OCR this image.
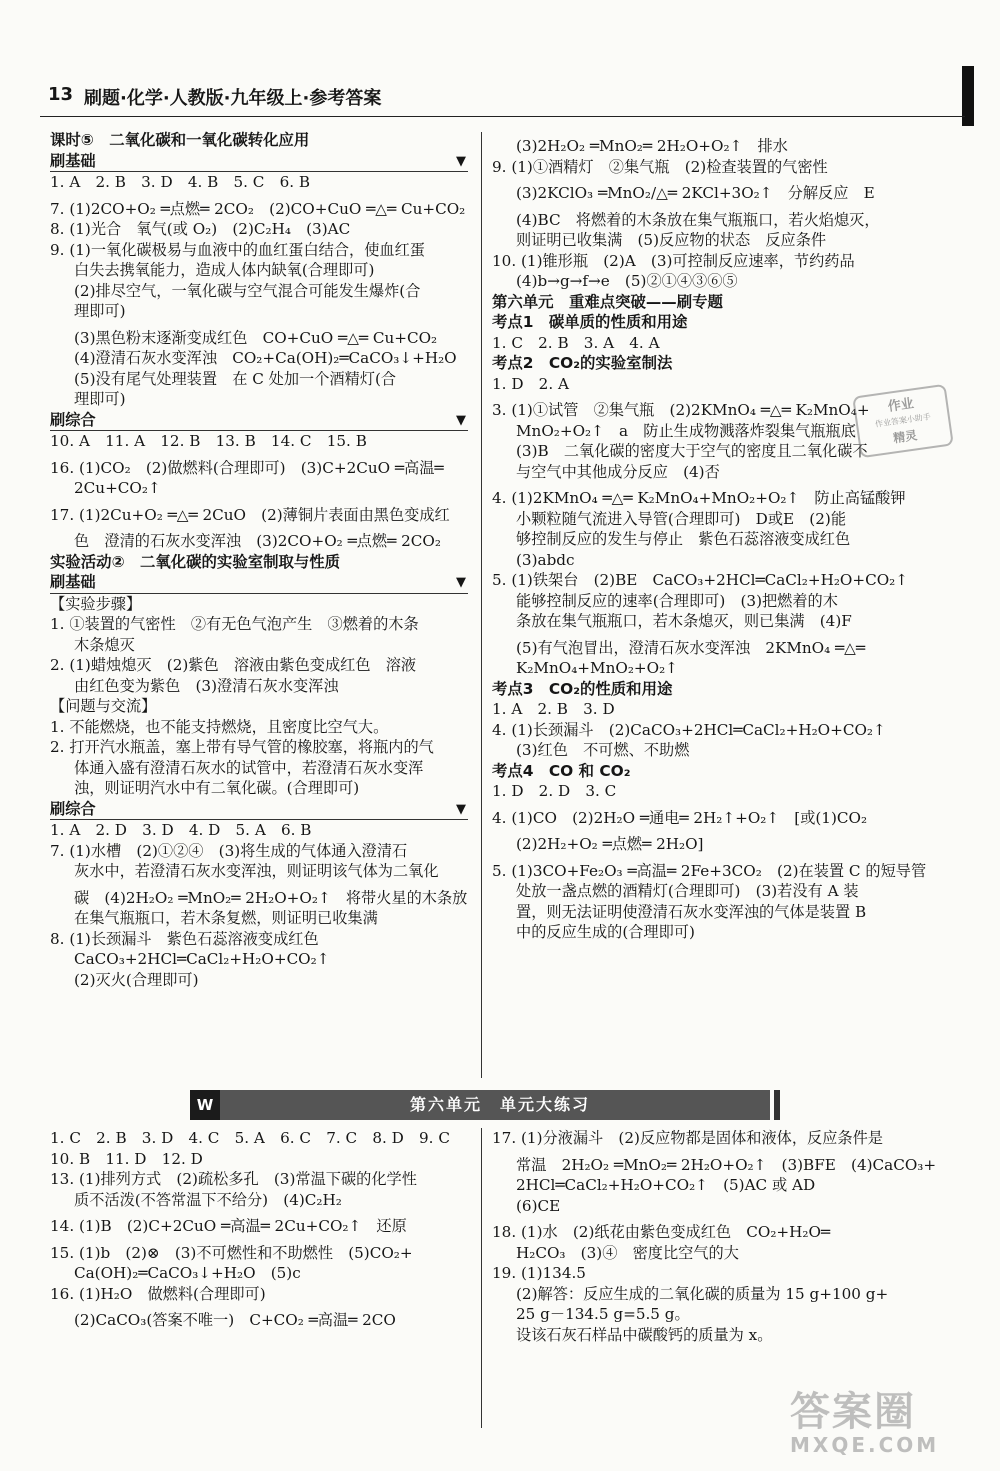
13 刷题·化学·人教版·九年级上·参考答案
课时⑤　二氧化碳和一氧化碳转化应用
刷基础	▼
1. A　2. B　3. D　4. B　5. C　6. B
7. (1)2CO+O₂ ═点燃═ 2CO₂　(2)CO+CuO ═△═ Cu+CO₂
8. (1)光合　氧气(或 O₂)　(2)C₂H₄　(3)AC
9. (1)一氧化碳极易与血液中的血红蛋白结合，使血红蛋
白失去携氧能力，造成人体内缺氧(合理即可)
(2)排尽空气，一氧化碳与空气混合可能发生爆炸(合
理即可)
(3)黑色粉末逐渐变成红色　CO+CuO ═△═ Cu+CO₂
(4)澄清石灰水变浑浊　CO₂+Ca(OH)₂═CaCO₃↓+H₂O
(5)没有尾气处理装置　在 C 处加一个酒精灯(合
理即可)
刷综合	▼
10. A　11. A　12. B　13. B　14. C　15. B
16. (1)CO₂　(2)做燃料(合理即可)　(3)C+2CuO ═高温═
2Cu+CO₂↑
17. (1)2Cu+O₂ ═△═ 2CuO　(2)薄铜片表面由黑色变成红
色　澄清的石灰水变浑浊　(3)2CO+O₂ ═点燃═ 2CO₂
实验活动②　二氧化碳的实验室制取与性质
刷基础	▼
【实验步骤】
1. ①装置的气密性　②有无色气泡产生　③燃着的木条
木条熄灭
2. (1)蜡烛熄灭　(2)紫色　溶液由紫色变成红色　溶液
由红色变为紫色　(3)澄清石灰水变浑浊
【问题与交流】
1. 不能燃烧，也不能支持燃烧，且密度比空气大。
2. 打开汽水瓶盖，塞上带有导气管的橡胶塞，将瓶内的气
体通入盛有澄清石灰水的试管中，若澄清石灰水变浑
浊，则证明汽水中有二氧化碳。(合理即可)
刷综合	▼
1. A　2. D　3. D　4. D　5. A　6. B
7. (1)水槽　(2)①②④　(3)将生成的气体通入澄清石
灰水中，若澄清石灰水变浑浊，则证明该气体为二氧化
碳　(4)2H₂O₂ ═MnO₂═ 2H₂O+O₂↑　将带火星的木条放
在集气瓶瓶口，若木条复燃，则证明已收集满
8. (1)长颈漏斗　紫色石蕊溶液变成红色
CaCO₃+2HCl═CaCl₂+H₂O+CO₂↑
(2)灭火(合理即可)
(3)2H₂O₂ ═MnO₂═ 2H₂O+O₂↑　排水
9. (1)①酒精灯　②集气瓶　(2)检查装置的气密性
(3)2KClO₃ ═MnO₂/△═ 2KCl+3O₂↑　分解反应　E
(4)BC　将燃着的木条放在集气瓶瓶口，若火焰熄灭，
则证明已收集满　(5)反应物的状态　反应条件
10. (1)锥形瓶　(2)A　(3)可控制反应速率，节约药品
(4)b→g→f→e　(5)②①④③⑥⑤
第六单元　重难点突破——刷专题
考点1　碳单质的性质和用途
1. C　2. B　3. A　4. A
考点2　CO₂的实验室制法
1. D　2. A
3. (1)①试管　②集气瓶　(2)2KMnO₄ ═△═ K₂MnO₄+
MnO₂+O₂↑　a　防止生成物溅落炸裂集气瓶瓶底
(3)B　二氧化碳的密度大于空气的密度且二氧化碳不
与空气中其他成分反应　(4)否
4. (1)2KMnO₄ ═△═ K₂MnO₄+MnO₂+O₂↑　防止高锰酸钾
小颗粒随气流进入导管(合理即可)　D或E　(2)能
够控制反应的发生与停止　紫色石蕊溶液变成红色
(3)abdc
5. (1)铁架台　(2)BE　CaCO₃+2HCl═CaCl₂+H₂O+CO₂↑
能够控制反应的速率(合理即可)　(3)把燃着的木
条放在集气瓶瓶口，若木条熄灭，则已集满　(4)F
(5)有气泡冒出，澄清石灰水变浑浊　2KMnO₄ ═△═
K₂MnO₄+MnO₂+O₂↑
考点3　CO₂的性质和用途
1. A　2. B　3. D
4. (1)长颈漏斗　(2)CaCO₃+2HCl═CaCl₂+H₂O+CO₂↑
(3)红色　不可燃、不助燃
考点4　CO 和 CO₂
1. D　2. D　3. C
4. (1)CO　(2)2H₂O ═通电═ 2H₂↑+O₂↑　[或(1)CO₂
(2)2H₂+O₂ ═点燃═ 2H₂O]
5. (1)3CO+Fe₂O₃ ═高温═ 2Fe+3CO₂　(2)在装置 C 的短导管
处放一盏点燃的酒精灯(合理即可)　(3)若没有 A 装
置，则无法证明使澄清石灰水变浑浊的气体是装置 B
中的反应生成的(合理即可)
W	第六单元　单元大练习
1. C　2. B　3. D　4. C　5. A　6. C　7. C　8. D　9. C
10. B　11. D　12. D
13. (1)排列方式　(2)疏松多孔　(3)常温下碳的化学性
质不活泼(不答常温下不给分)　(4)C₂H₂
14. (1)B　(2)C+2CuO ═高温═ 2Cu+CO₂↑　还原
15. (1)b　(2)⊗　(3)不可燃性和不助燃性　(5)CO₂+
Ca(OH)₂═CaCO₃↓+H₂O　(5)c
16. (1)H₂O　做燃料(合理即可)
(2)CaCO₃(答案不唯一)　C+CO₂ ═高温═ 2CO
17. (1)分液漏斗　(2)反应物都是固体和液体，反应条件是
常温　2H₂O₂ ═MnO₂═ 2H₂O+O₂↑　(3)BFE　(4)CaCO₃+
2HCl═CaCl₂+H₂O+CO₂↑　(5)AC 或 AD
(6)CE
18. (1)水　(2)纸花由紫色变成红色　CO₂+H₂O═
H₂CO₃　(3)④　密度比空气的大
19. (1)134.5
(2)解答：反应生成的二氧化碳的质量为 15 g+100 g+
25 g－134.5 g=5.5 g。
设该石灰石样品中碳酸钙的质量为 x。
作业
作业答案小助手
精灵
答案圈
MXQE.COM
